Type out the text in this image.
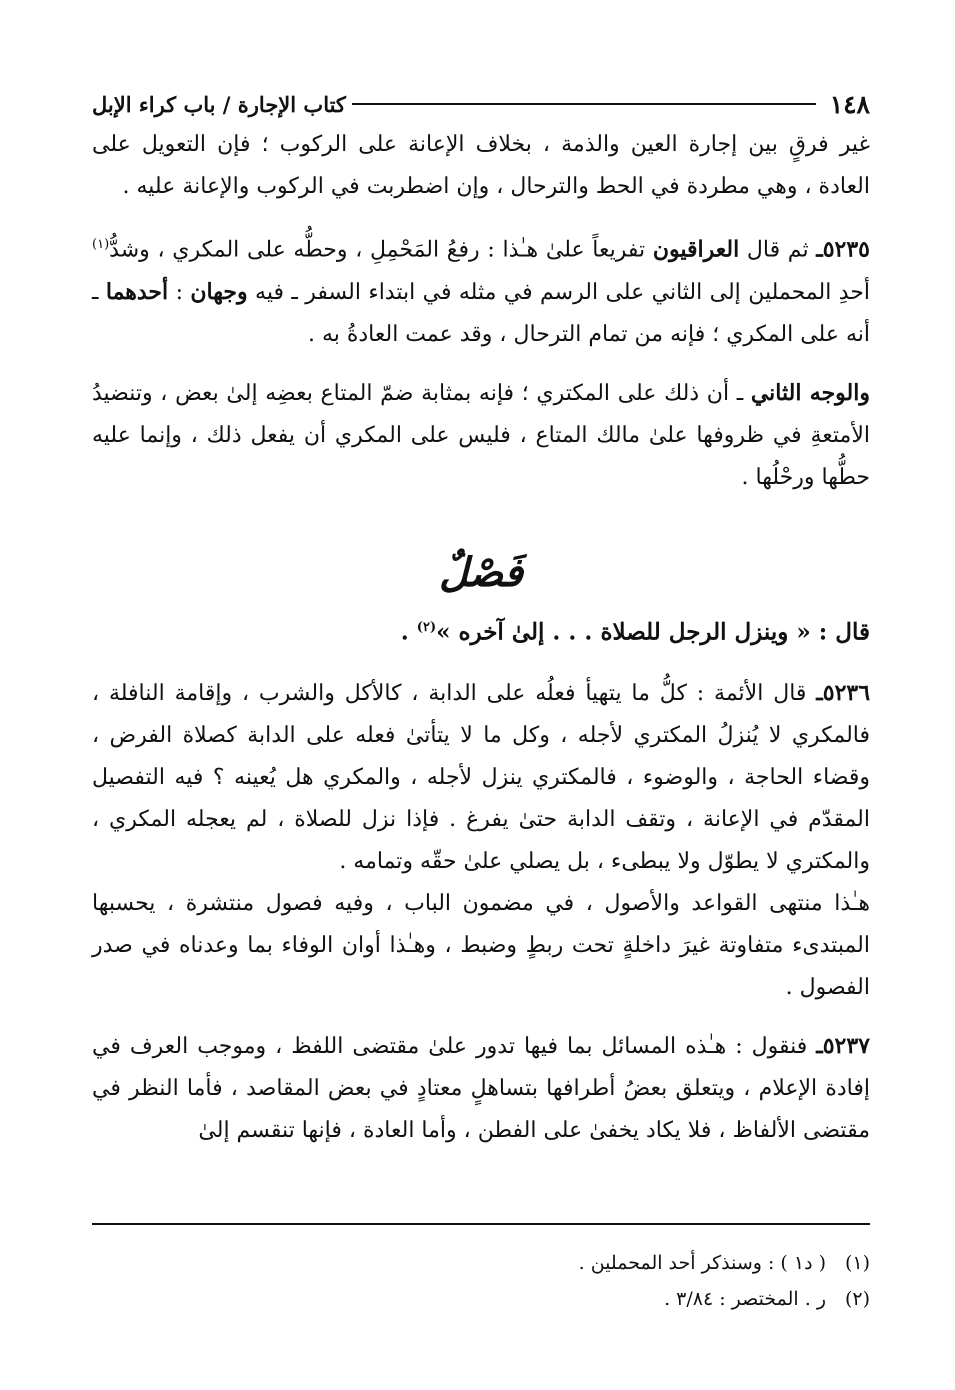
١٤٨
كتاب الإجارة / باب كراء الإبل

غير فرقٍ بين إجارة العين والذمة ، بخلاف الإعانة على الركوب ؛ فإن التعويل على العادة ، وهي مطردة في الحط والترحال ، وإن اضطربت في الركوب والإعانة عليه .

٥٢٣٥ـ ثم قال العراقيون تفريعاً علىٰ هـٰذا : رفعُ المَحْمِلِ ، وحطُّه على المكري ، وشدُّ$^{(١)}$ أحدِ المحملين إلى الثاني على الرسم في مثله في ابتداء السفر ـ فيه وجهان : أحدهما ـ أنه على المكري ؛ فإنه من تمام الترحال ، وقد عمت العادةُ به .

والوجه الثاني ـ أن ذلك على المكتري ؛ فإنه بمثابة ضمّ المتاع بعضِه إلىٰ بعض ، وتنضيدُ الأمتعةِ في ظروفها علىٰ مالك المتاع ، فليس على المكري أن يفعل ذلك ، وإنما عليه حطُّها ورحْلُها .

فَصْلٌ

قال : « وينزل الرجل للصلاة . . . إلىٰ آخره »$^{(٢)}$ .

٥٢٣٦ـ قال الأئمة : كلُّ ما يتهيأ فعلُه على الدابة ، كالأكل والشرب ، وإقامة النافلة ، فالمكري لا يُنزلُ المكتري لأجله ، وكل ما لا يتأتىٰ فعله على الدابة كصلاة الفرض ، وقضاء الحاجة ، والوضوء ، فالمكتري ينزل لأجله ، والمكري هل يُعينه ؟ فيه التفصيل المقدّم في الإعانة ، وتقف الدابة حتىٰ يفرغ . فإذا نزل للصلاة ، لم يعجله المكري ، والمكتري لا يطوّل ولا يبطىء ، بل يصلي علىٰ حقّه وتمامه .

هـٰذا منتهى القواعد والأصول ، في مضمون الباب ، وفيه فصول منتشرة ، يحسبها المبتدىء متفاوتة غيرَ داخلةٍ تحت ربطٍ وضبط ، وهـٰذا أوان الوفاء بما وعدناه في صدر الفصول .

٥٢٣٧ـ فنقول : هـٰذه المسائل بما فيها تدور علىٰ مقتضى اللفظ ، وموجب العرف في إفادة الإعلام ، ويتعلق بعضُ أطرافها بتساهلٍ معتادٍ في بعض المقاصد ، فأما النظر في مقتضى الألفاظ ، فلا يكاد يخفىٰ على الفطن ، وأما العادة ، فإنها تنقسم إلىٰ

(١)
( د١ ) : وسنذكر أحد المحملين .
(٢)
ر . المختصر : ٣/٨٤ .
